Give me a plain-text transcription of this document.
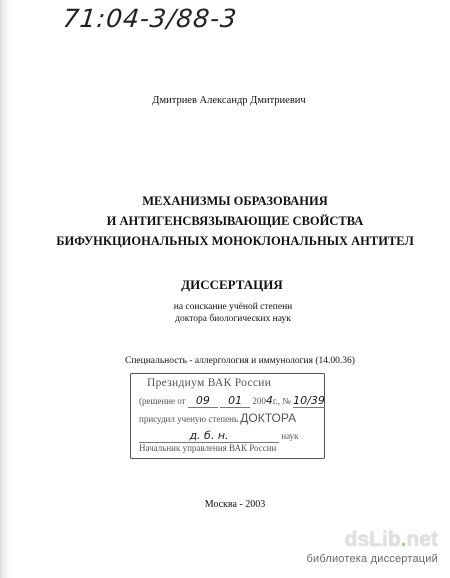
71:04-3/88-3
Дмитриев Александр Дмитриевич
МЕХАНИЗМЫ ОБРАЗОВАНИЯ
И АНТИГЕНСВЯЗЫВАЮЩИЕ СВОЙСТВА
БИФУНКЦИОНАЛЬНЫХ МОНОКЛОНАЛЬНЫХ АНТИТЕЛ
ДИССЕРТАЦИЯ
на соискание учёной степени
доктора биологических наук
Специальность - аллергология и иммунология (14.00.36)
Президиум ВАК России
(решение от 09 01 2004г., № 10/39
присудил ученую степень ДОКТОРА
д. б. н.	наук
Начальник управления ВАК России
Москва - 2003
dsLib.net
библиотека диссертаций
